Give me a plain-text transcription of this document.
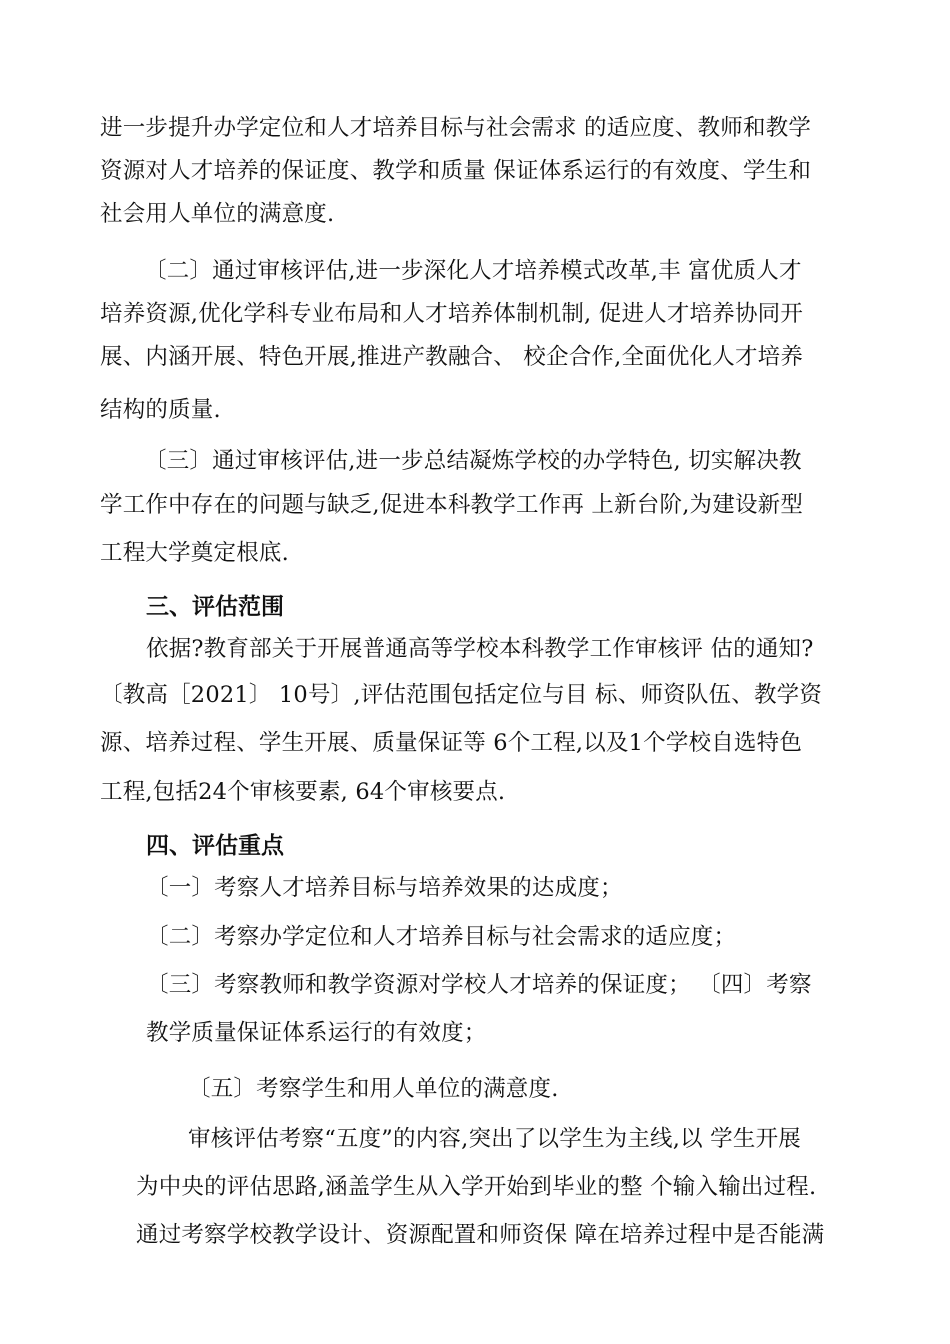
进一步提升办学定位和人才培养目标与社会需求 的适应度、教师和教学
资源对人才培养的保证度、教学和质量 保证体系运行的有效度、学生和
社会用人单位的满意度.
〔二〕通过审核评估,进一步深化人才培养模式改革,丰 富优质人才
培养资源,优化学科专业布局和人才培养体制机制, 促进人才培养协同开
展、内涵开展、特色开展,推进产教融合、 校企合作,全面优化人才培养
结构的质量.
〔三〕通过审核评估,进一步总结凝炼学校的办学特色, 切实解决教
学工作中存在的问题与缺乏,促进本科教学工作再 上新台阶,为建设新型
工程大学奠定根底.
三、评估范围
依据?教育部关于开展普通高等学校本科教学工作审核评 估的通知?
〔教高［2021〕 10号〕,评估范围包括定位与目 标、师资队伍、教学资
源、培养过程、学生开展、质量保证等 6个工程,以及1个学校自选特色
工程,包括24个审核要素, 64个审核要点.
四、评估重点
〔一〕考察人才培养目标与培养效果的达成度；
〔二〕考察办学定位和人才培养目标与社会需求的适应度；
〔三〕考察教师和教学资源对学校人才培养的保证度； 〔四〕考察
教学质量保证体系运行的有效度；
〔五〕考察学生和用人单位的满意度.
审核评估考察“五度”的内容,突出了以学生为主线,以 学生开展
为中央的评估思路,涵盖学生从入学开始到毕业的整 个输入输出过程.
通过考察学校教学设计、资源配置和师资保 障在培养过程中是否能满
